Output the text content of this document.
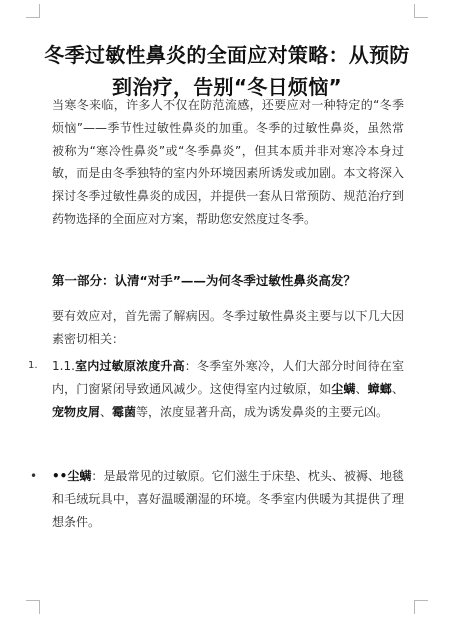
冬季过敏性鼻炎的全面应对策略：从预防到治疗，告别“冬日烦恼”

当寒冬来临，许多人不仅在防范流感，还要应对一种特定的“冬季烦恼”——季节性过敏性鼻炎的加重。冬季的过敏性鼻炎，虽然常被称为“寒冷性鼻炎”或“冬季鼻炎”，但其本质并非对寒冷本身过敏，而是由冬季独特的室内外环境因素所诱发或加剧。本文将深入探讨冬季过敏性鼻炎的成因，并提供一套从日常预防、规范治疗到药物选择的全面应对方案，帮助您安然度过冬季。

第一部分：认清“对手”——为何冬季过敏性鼻炎高发？

要有效应对，首先需了解病因。冬季过敏性鼻炎主要与以下几大因素密切相关：

1. 1.1.室内过敏原浓度升高：冬季室外寒冷，人们大部分时间待在室内，门窗紧闭导致通风减少。这使得室内过敏原，如尘螨、蟑螂、宠物皮屑、霉菌等，浓度显著升高，成为诱发鼻炎的主要元凶。
• ••尘螨：是最常见的过敏原。它们滋生于床垫、枕头、被褥、地毯和毛绒玩具中，喜好温暖潮湿的环境。冬季室内供暖为其提供了理想条件。
